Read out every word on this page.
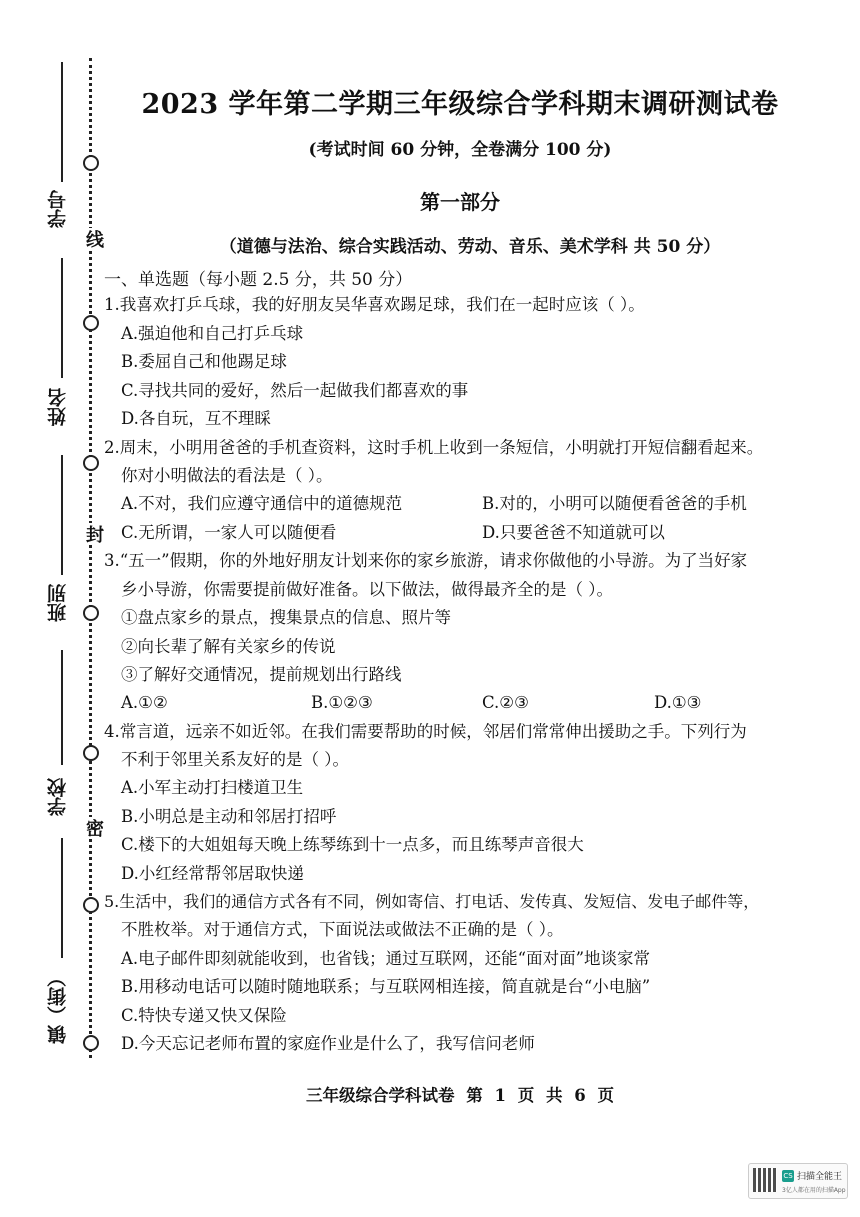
线
封
密
学号
姓名
班别
学校
镇（街）
2023 学年第二学期三年级综合学科期末调研测试卷
(考试时间 60 分钟，全卷满分 100 分)
第一部分
（道德与法治、综合实践活动、劳动、音乐、美术学科 共 50 分）
一、单选题（每小题 2.5 分，共 50 分）
1.我喜欢打乒乓球，我的好朋友吴华喜欢踢足球，我们在一起时应该（ ）。
A.强迫他和自己打乒乓球
B.委屈自己和他踢足球
C.寻找共同的爱好，然后一起做我们都喜欢的事
D.各自玩，互不理睬
2.周末，小明用爸爸的手机查资料，这时手机上收到一条短信，小明就打开短信翻看起来。
你对小明做法的看法是（ ）。
A.不对，我们应遵守通信中的道德规范	B.对的，小明可以随便看爸爸的手机
C.无所谓，一家人可以随便看	D.只要爸爸不知道就可以
3.“五一”假期，你的外地好朋友计划来你的家乡旅游，请求你做他的小导游。为了当好家
乡小导游，你需要提前做好准备。以下做法，做得最齐全的是（ ）。
①盘点家乡的景点，搜集景点的信息、照片等
②向长辈了解有关家乡的传说
③了解好交通情况，提前规划出行路线
A.①②	B.①②③	C.②③	D.①③
4.常言道，远亲不如近邻。在我们需要帮助的时候，邻居们常常伸出援助之手。下列行为
不利于邻里关系友好的是（ ）。
A.小军主动打扫楼道卫生
B.小明总是主动和邻居打招呼
C.楼下的大姐姐每天晚上练琴练到十一点多，而且练琴声音很大
D.小红经常帮邻居取快递
5.生活中，我们的通信方式各有不同，例如寄信、打电话、发传真、发短信、发电子邮件等，
不胜枚举。对于通信方式，下面说法或做法不正确的是（ ）。
A.电子邮件即刻就能收到，也省钱；通过互联网，还能“面对面”地谈家常
B.用移动电话可以随时随地联系；与互联网相连接，简直就是台“小电脑”
C.特快专递又快又保险
D.今天忘记老师布置的家庭作业是什么了，我写信问老师
三年级综合学科试卷 第 1 页 共 6 页
CS 扫描全能王
3亿人都在用的扫描App
